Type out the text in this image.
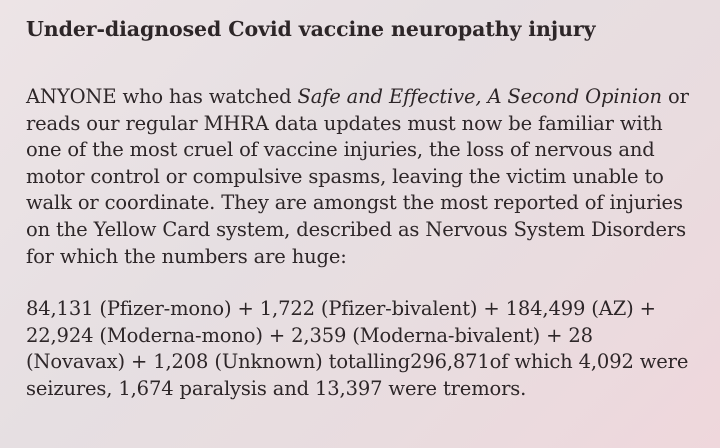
Under-diagnosed Covid vaccine neuropathy injury

ANYONE who has watched Safe and Effective, A Second Opinion or reads our regular MHRA data updates must now be familiar with one of the most cruel of vaccine injuries, the loss of nervous and motor control or compulsive spasms, leaving the victim unable to walk or coordinate. They are amongst the most reported of injuries on the Yellow Card system, described as Nervous System Disorders for which the numbers are huge:

84,131 (Pfizer-mono) + 1,722 (Pfizer-bivalent) + 184,499 (AZ) + 22,924 (Moderna-mono) + 2,359 (Moderna-bivalent) + 28 (Novavax) + 1,208 (Unknown) totalling296,871of which 4,092 were seizures, 1,674 paralysis and 13,397 were tremors.
